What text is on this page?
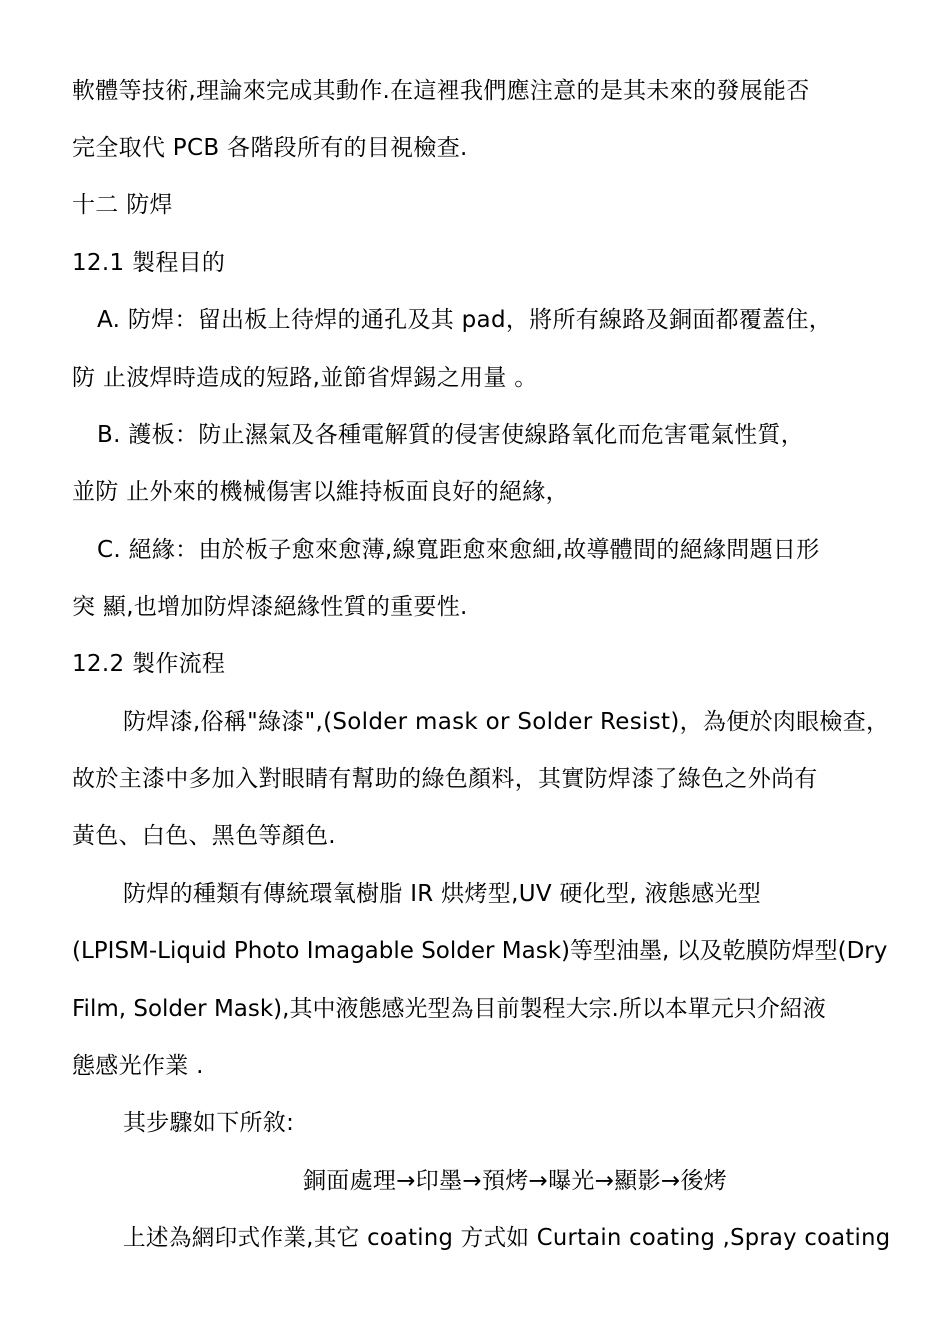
軟體等技術,理論來完成其動作.在這裡我們應注意的是其未來的發展能否
完全取代 PCB 各階段所有的目視檢查.
十二 防焊
12.1 製程目的
A. 防焊：留出板上待焊的通孔及其 pad，將所有線路及銅面都覆蓋住，
防 止波焊時造成的短路,並節省焊錫之用量 。
B. 護板：防止濕氣及各種電解質的侵害使線路氧化而危害電氣性質，
並防 止外來的機械傷害以維持板面良好的絕緣，
C. 絕緣：由於板子愈來愈薄,線寬距愈來愈細,故導體間的絕緣問題日形
突 顯,也增加防焊漆絕緣性質的重要性.
12.2 製作流程
防焊漆,俗稱"綠漆",(Solder mask or Solder Resist)，為便於肉眼檢查，
故於主漆中多加入對眼睛有幫助的綠色顏料，其實防焊漆了綠色之外尚有
黃色、白色、黑色等顏色.
防焊的種類有傳統環氧樹脂 IR 烘烤型,UV 硬化型, 液態感光型
(LPISM-Liquid Photo Imagable Solder Mask)等型油墨, 以及乾膜防焊型(Dry
Film, Solder Mask),其中液態感光型為目前製程大宗.所以本單元只介紹液
態感光作業 .
其步驟如下所敘:
銅面處理→印墨→預烤→曝光→顯影→後烤
上述為網印式作業,其它 coating 方式如 Curtain coating ,Spray coating
